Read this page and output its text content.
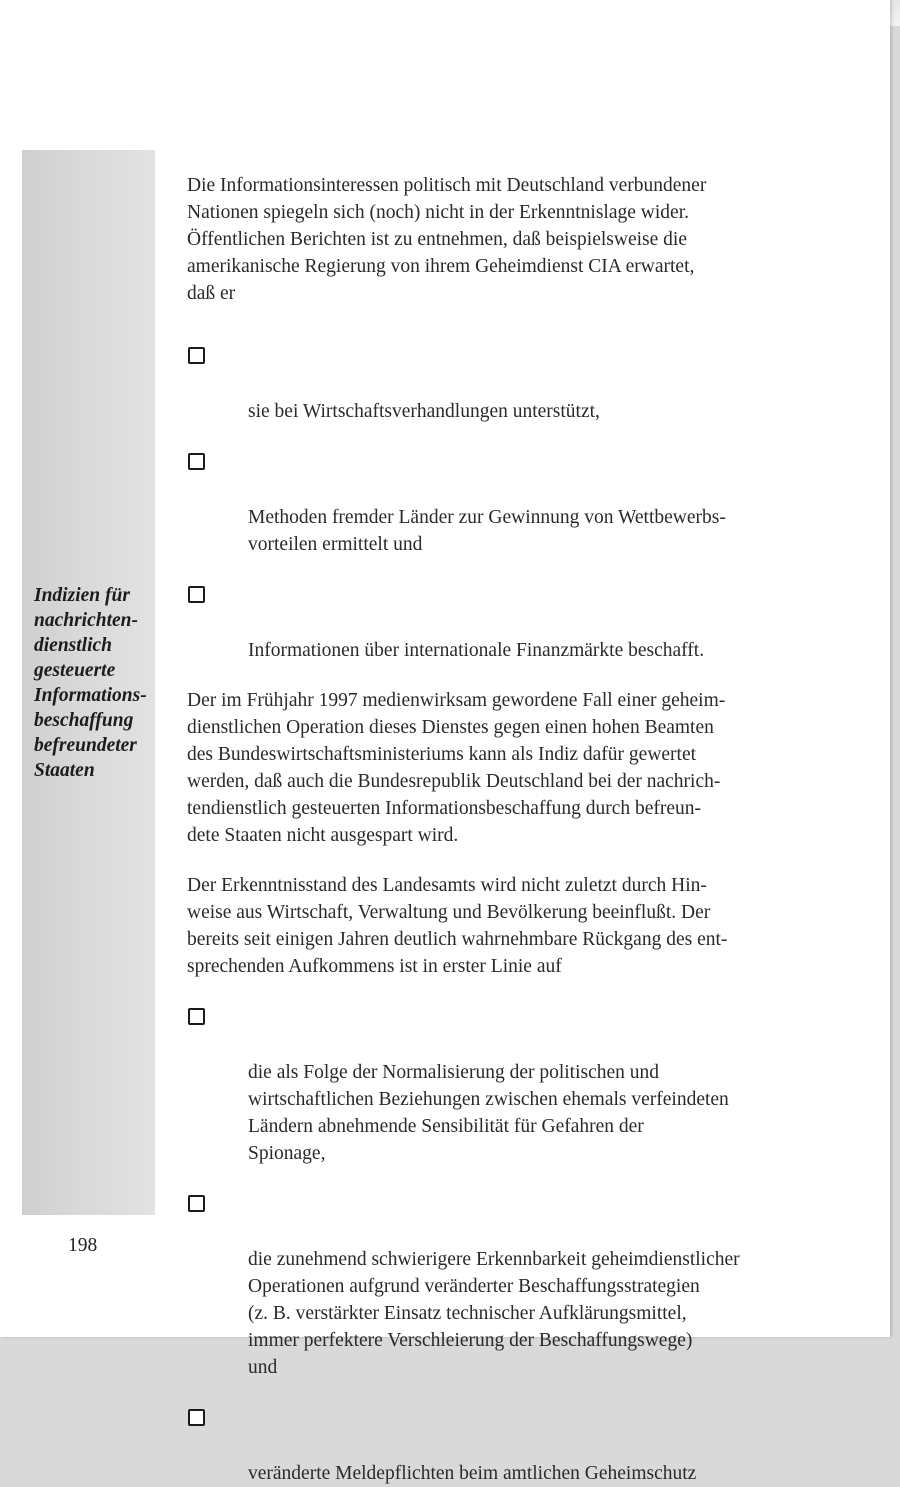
Indizien für
nachrichten-
dienstlich
gesteuerte
Informations-
beschaffung
befreundeter
Staaten

Die Informationsinteressen politisch mit Deutschland verbundener
Nationen spiegeln sich (noch) nicht in der Erkenntnislage wider.
Öffentlichen Berichten ist zu entnehmen, daß beispielsweise die
amerikanische Regierung von ihrem Geheimdienst CIA erwartet,
daß er

sie bei Wirtschaftsverhandlungen unterstützt,

Methoden fremder Länder zur Gewinnung von Wettbewerbs-
vorteilen ermittelt und

Informationen über internationale Finanzmärkte beschafft.

Der im Frühjahr 1997 medienwirksam gewordene Fall einer geheim-
dienstlichen Operation dieses Dienstes gegen einen hohen Beamten
des Bundeswirtschaftsministeriums kann als Indiz dafür gewertet
werden, daß auch die Bundesrepublik Deutschland bei der nachrich-
tendienstlich gesteuerten Informationsbeschaffung durch befreun-
dete Staaten nicht ausgespart wird.

Der Erkenntnisstand des Landesamts wird nicht zuletzt durch Hin-
weise aus Wirtschaft, Verwaltung und Bevölkerung beeinflußt. Der
bereits seit einigen Jahren deutlich wahrnehmbare Rückgang des ent-
sprechenden Aufkommens ist in erster Linie auf

die als Folge der Normalisierung der politischen und
wirtschaftlichen Beziehungen zwischen ehemals verfeindeten
Ländern abnehmende Sensibilität für Gefahren der
Spionage,

die zunehmend schwierigere Erkennbarkeit geheimdienstlicher
Operationen aufgrund veränderter Beschaffungsstrategien
(z. B. verstärkter Einsatz technischer Aufklärungsmittel,
immer perfektere Verschleierung der Beschaffungswege)
und

veränderte Meldepflichten beim amtlichen Geheimschutz

198
